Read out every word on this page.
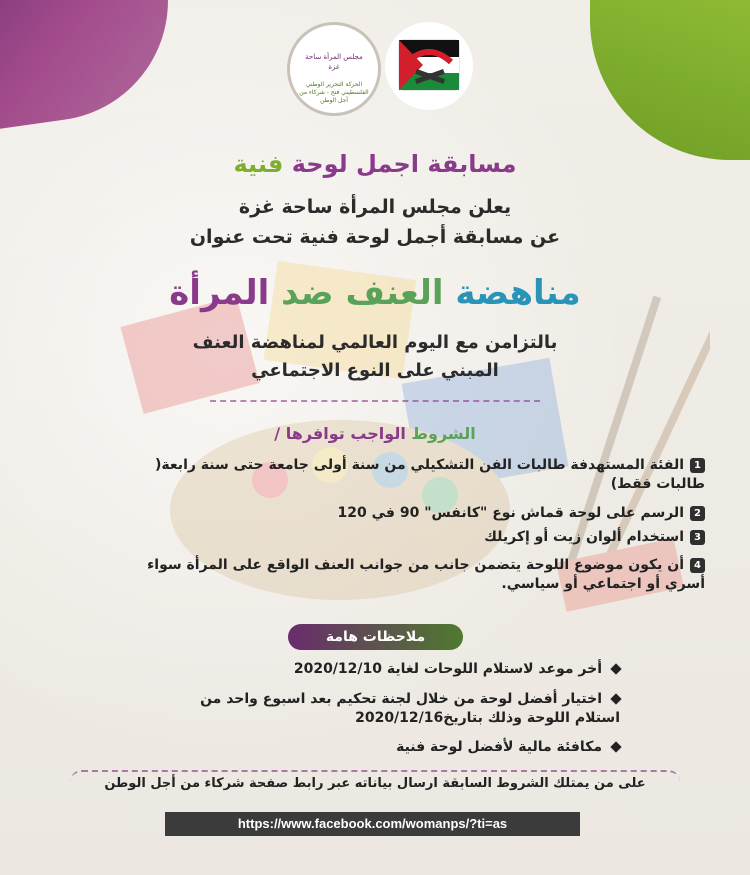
مجلس المرأة ساحة غزة
الحركة التحرير الوطني الفلسطيني فتح - شركاء من أجل الوطن
مسابقة اجمل لوحة فنية
يعلن مجلس المرأة ساحة غزة
عن مسابقة أجمل لوحة فنية تحت عنوان
مناهضة العنف ضد المرأة
بالتزامن مع اليوم العالمي لمناهضة العنف
المبني على النوع الاجتماعي
الشروط الواجب توافرها /
1الفئة المستهدفة طالبات الفن التشكيلي من سنة أولى جامعة حتى سنة رابعة( طالبات فقط)
2الرسم على لوحة قماش نوع "كانفس" 90 في 120
3استخدام ألوان زيت أو إكريلك
4أن يكون موضوع اللوحة يتضمن جانب من جوانب العنف الواقع على المرأة سواء أسري أو اجتماعي أو سياسي.
ملاحظات هامة
أخر موعد لاستلام اللوحات لغاية 2020/12/10
اختيار أفضل لوحة من خلال لجنة تحكيم بعد اسبوع واحد من استلام اللوحة وذلك بتاريخ2020/12/16
مكافئة مالية لأفضل لوحة فنية
على من يمتلك الشروط السابقة ارسال بياناته عبر رابط صفحة شركاء من أجل الوطن
https://www.facebook.com/womanps/?ti=as
